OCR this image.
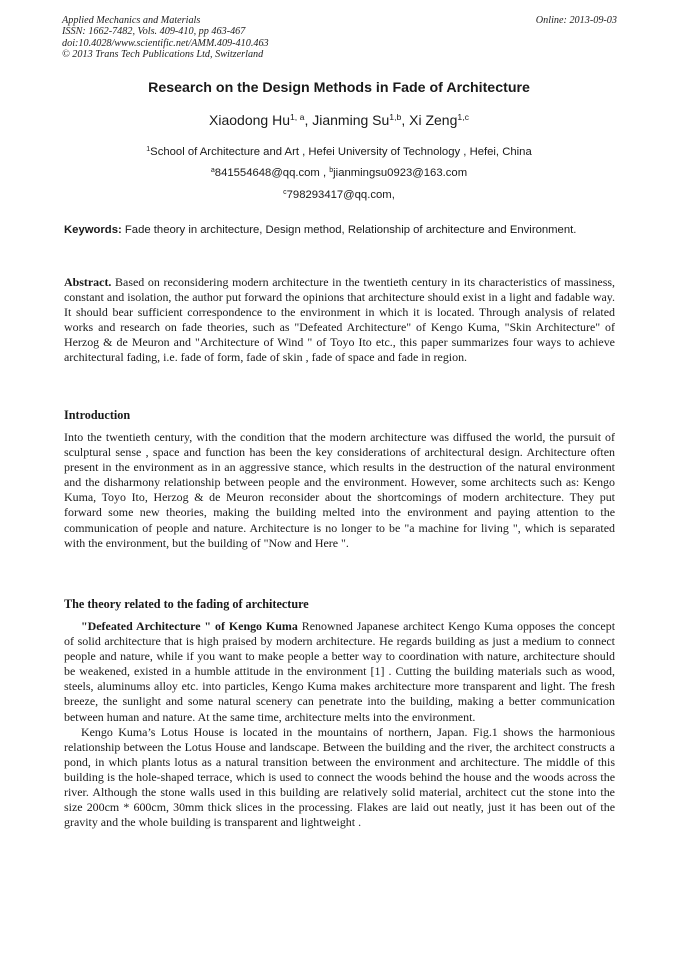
Applied Mechanics and Materials
ISSN: 1662-7482, Vols. 409-410, pp 463-467
doi:10.4028/www.scientific.net/AMM.409-410.463
© 2013 Trans Tech Publications Ltd, Switzerland
Online: 2013-09-03
Research on the Design Methods in Fade of Architecture
Xiaodong Hu$^{1, a}$, Jianming Su$^{1,b}$, Xi Zeng$^{1,c}$
$^1$School of Architecture and Art , Hefei University of Technology , Hefei, China
$^a$841554648@qq.com , $^b$jianmingsu0923@163.com
$^c$798293417@qq.com,
Keywords: Fade theory in architecture, Design method, Relationship of architecture and Environment.
Abstract. Based on reconsidering modern architecture in the twentieth century in its characteristics of massiness, constant and isolation, the author put forward the opinions that architecture should exist in a light and fadable way. It should bear sufficient correspondence to the environment in which it is located. Through analysis of related works and research on fade theories, such as "Defeated Architecture" of Kengo Kuma, "Skin Architecture" of Herzog & de Meuron and "Architecture of Wind " of Toyo Ito etc., this paper summarizes four ways to achieve architectural fading, i.e. fade of form, fade of skin , fade of space and fade in region.
Introduction
Into the twentieth century, with the condition that the modern architecture was diffused the world, the pursuit of sculptural sense , space and function has been the key considerations of architectural design. Architecture often present in the environment as in an aggressive stance, which results in the destruction of the natural environment and the disharmony relationship between people and the environment. However, some architects such as: Kengo Kuma, Toyo Ito, Herzog & de Meuron reconsider about the shortcomings of modern architecture. They put forward some new theories, making the building melted into the environment and paying attention to the communication of people and nature. Architecture is no longer to be "a machine for living ", which is separated with the environment, but the building of "Now and Here ".
The theory related to the fading of architecture

"Defeated Architecture " of Kengo Kuma Renowned Japanese architect Kengo Kuma opposes the concept of solid architecture that is high praised by modern architecture. He regards building as just a medium to connect people and nature, while if you want to make people a better way to coordination with nature, architecture should be weakened, existed in a humble attitude in the environment [1] . Cutting the building materials such as wood, steels, aluminums alloy etc. into particles, Kengo Kuma makes architecture more transparent and light. The fresh breeze, the sunlight and some natural scenery can penetrate into the building, making a better communication between human and nature. At the same time, architecture melts into the environment.

Kengo Kuma’s Lotus House is located in the mountains of northern, Japan. Fig.1 shows the harmonious relationship between the Lotus House and landscape. Between the building and the river, the architect constructs a pond, in which plants lotus as a natural transition between the environment and architecture. The middle of this building is the hole-shaped terrace, which is used to connect the woods behind the house and the woods across the river. Although the stone walls used in this building are relatively solid material, architect cut the stone into the size 200cm * 600cm, 30mm thick slices in the processing. Flakes are laid out neatly, just it has been out of the gravity and the whole building is transparent and lightweight .
